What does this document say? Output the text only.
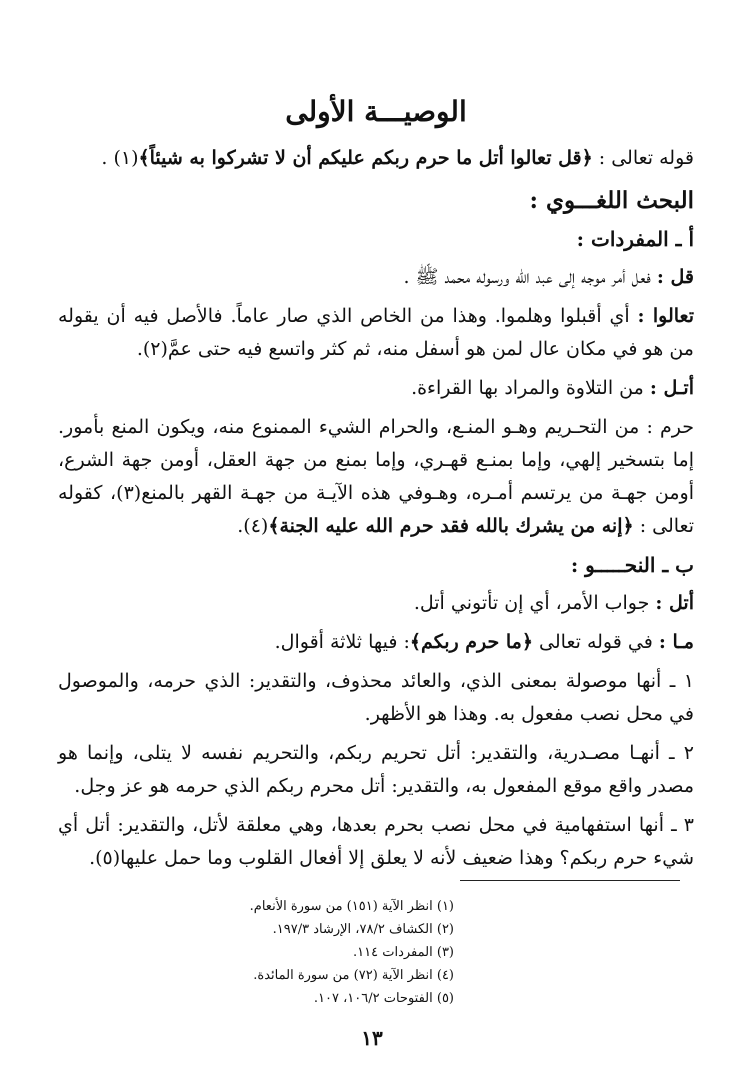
الوصيـــة الأولى

قوله تعالى : ﴿قل تعالوا أتل ما حرم ربكم عليكم أن لا تشركوا به شيئاً﴾(١) .

البحث اللغـــوي :
أ ـ المفردات :

قل : فعل أمر موجه إلى عبد الله ورسوله محمد ﷺ .

تعالوا : أي أقبلوا وهلموا. وهذا من الخاص الذي صار عاماً. فالأصل فيه أن يقوله من هو في مكان عال لمن هو أسفل منه، ثم كثر واتسع فيه حتى عمَّ(٢).

أتـل : من التلاوة والمراد بها القراءة.

حرم : من التحـريم وهـو المنـع، والحرام الشيء الممنوع منه، ويكون المنع بأمور. إما بتسخير إلهي، وإما بمنـع قهـري، وإما بمنع من جهة العقل، أومن جهة الشرع، أومن جهـة من يرتسم أمـره، وهـوفي هذه الآيـة من جهـة القهر بالمنع(٣)، كقوله تعالى : ﴿إنه من يشرك بالله فقد حرم الله عليه الجنة﴾(٤).

ب ـ النحـــــو :

أتل : جواب الأمر، أي إن تأتوني أتل.

مـا : في قوله تعالى ﴿ما حرم ربكم﴾: فيها ثلاثة أقوال.

١ ـ أنها موصولة بمعنى الذي، والعائد محذوف، والتقدير: الذي حرمه، والموصول في محل نصب مفعول به. وهذا هو الأظهر.

٢ ـ أنهـا مصـدرية، والتقدير: أتل تحريم ربكم، والتحريم نفسه لا يتلى، وإنما هو مصدر واقع موقع المفعول به، والتقدير: أتل محرم ربكم الذي حرمه هو عز وجل.

٣ ـ أنها استفهامية في محل نصب بحرم بعدها، وهي معلقة لأتل، والتقدير: أتل أي شيء حرم ربكم؟ وهذا ضعيف لأنه لا يعلق إلا أفعال القلوب وما حمل عليها(٥).

(١) انظر الآية (١٥١) من سورة الأنعام.

(٢) الكشاف ٧٨/٢، الإرشاد ١٩٧/٣.

(٣) المفردات ١١٤.

(٤) انظر الآية (٧٢) من سورة المائدة.

(٥) الفتوحات ١٠٦/٢، ١٠٧.

١٣
